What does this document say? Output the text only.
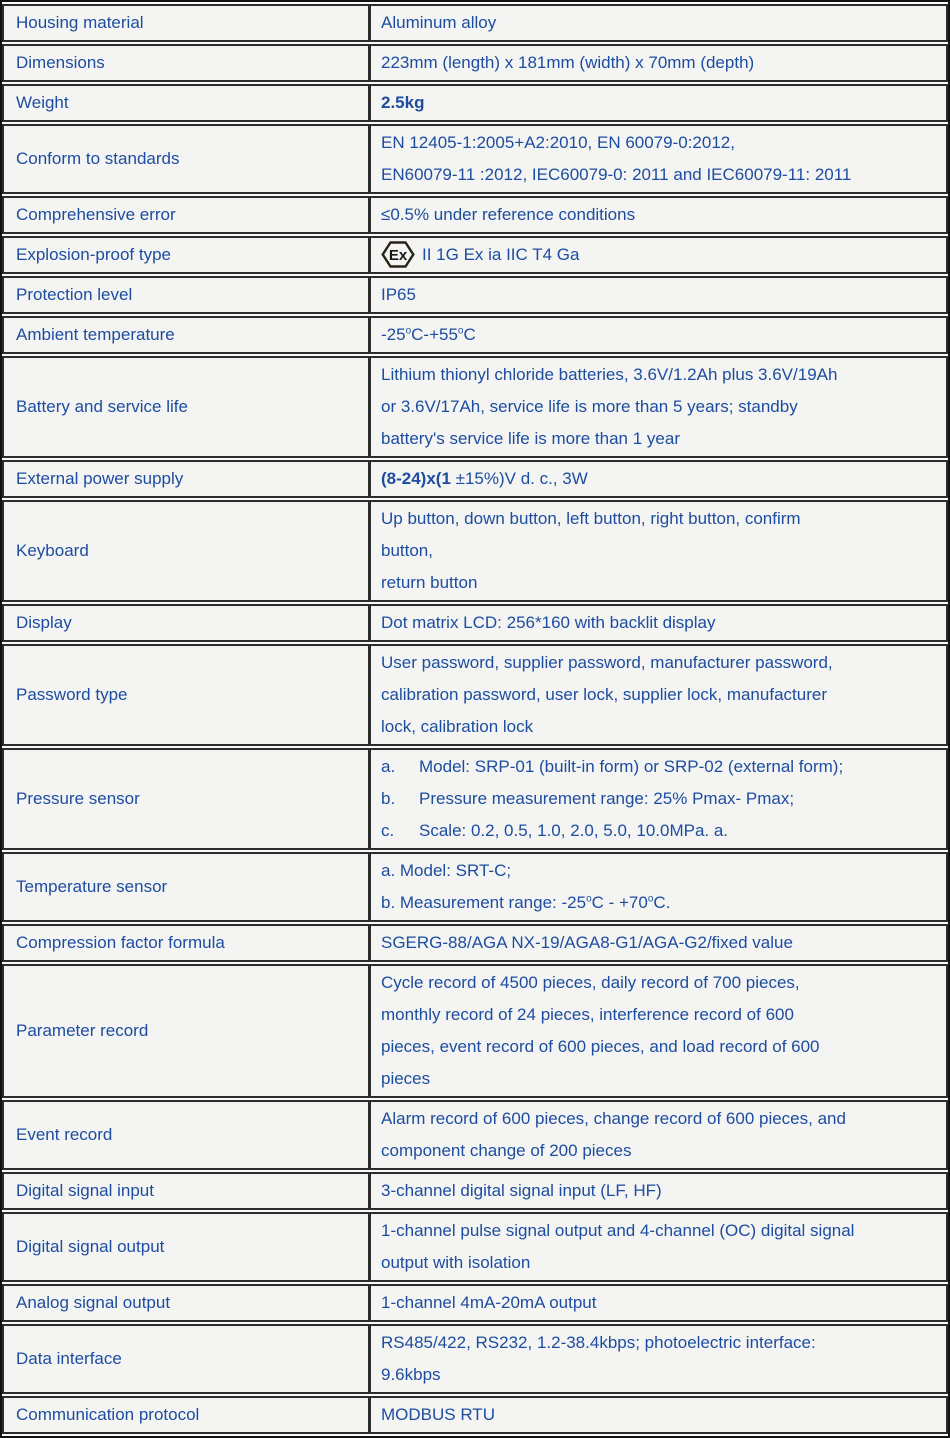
Housing material	Aluminum alloy

Dimensions	223mm (length) x 181mm (width) x 70mm (depth)

Weight	2.5kg

Conform to standards	EN 12405-1:2005+A2:2010, EN 60079-0:2012,
EN60079-11 :2012, IEC60079-0: 2011 and IEC60079-11: 2011

Comprehensive error	≤0.5% under reference conditions

Explosion-proof type	Ex II 1G Ex ia IIC T4 Ga

Protection level	IP65

Ambient temperature	$-25^oC-+55^oC$

Battery and service life	Lithium thionyl chloride batteries, 3.6V/1.2Ah plus 3.6V/19Ah
or 3.6V/17Ah, service life is more than 5 years; standby
battery's service life is more than 1 year

External power supply	(8-24)x(1 ±15%)V d. c., 3W

Keyboard	Up button, down button, left button, right button, confirm
button,
return button

Display	Dot matrix LCD: 256*160 with backlit display

Password type	User password, supplier password, manufacturer password,
calibration password, user lock, supplier lock, manufacturer
lock, calibration lock

Pressure sensor	a. Model: SRP-01 (built-in form) or SRP-02 (external form);
b. Pressure measurement range: 25% Pmax- Pmax;
c. Scale: 0.2, 0.5, 1.0, 2.0, 5.0, 10.0MPa. a.

Temperature sensor	a. Model: SRT-C;
b. Measurement range: $-25^oC - +70^oC$.

Compression factor formula	SGERG-88/AGA NX-19/AGA8-G1/AGA-G2/fixed value

Parameter record	Cycle record of 4500 pieces, daily record of 700 pieces,
monthly record of 24 pieces, interference record of 600
pieces, event record of 600 pieces, and load record of 600
pieces

Event record	Alarm record of 600 pieces, change record of 600 pieces, and
component change of 200 pieces

Digital signal input	3-channel digital signal input (LF, HF)

Digital signal output	1-channel pulse signal output and 4-channel (OC) digital signal
output with isolation

Analog signal output	1-channel 4mA-20mA output

Data interface	RS485/422, RS232, 1.2-38.4kbps; photoelectric interface:
9.6kbps

Communication protocol	MODBUS RTU
